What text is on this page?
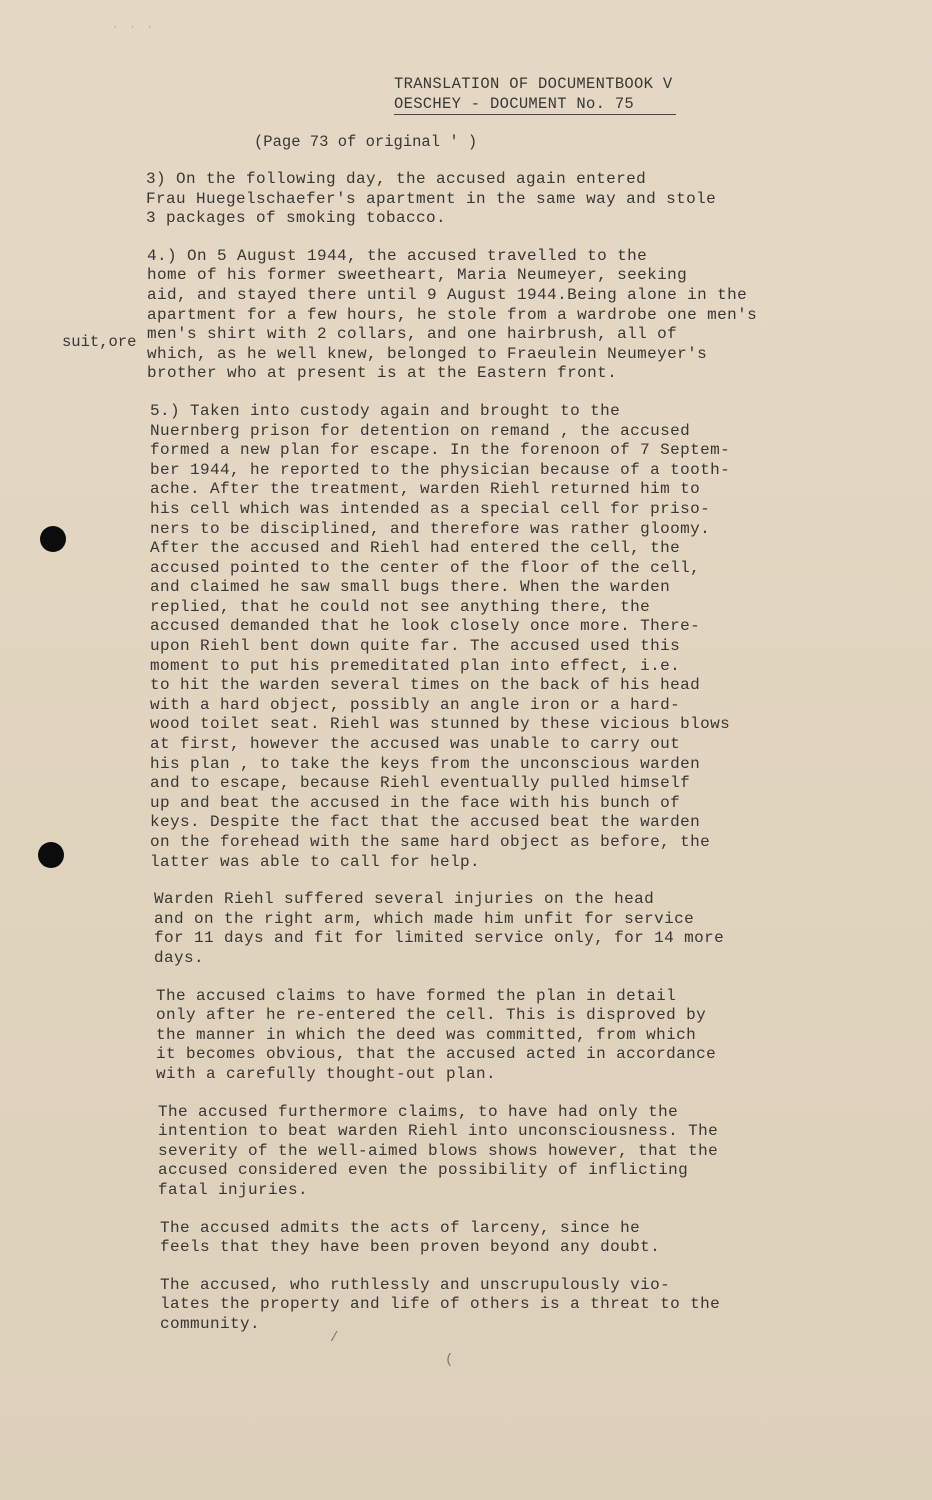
· · ·
TRANSLATION OF DOCUMENTBOOK V
OESCHEY - DOCUMENT No. 75
(Page 73 of original ' )
suit,ore

3) On the following day, the accused again entered
Frau Huegelschaefer's apartment in the same way and stole
3 packages of smoking tobacco.

4.) On 5 August 1944, the accused travelled to the
home of his former sweetheart, Maria Neumeyer, seeking
aid, and stayed there until 9 August 1944.Being alone in the
apartment for a few hours, he stole from a wardrobe one men's
men's shirt with 2 collars, and one hairbrush, all of
which, as he well knew, belonged to Fraeulein Neumeyer's
brother who at present is at the Eastern front.

5.) Taken into custody again and brought to the
Nuernberg prison for detention on remand , the accused
formed a new plan for escape. In the forenoon of 7 Septem-
ber 1944, he reported to the physician because of a tooth-
ache. After the treatment, warden Riehl returned him to
his cell which was intended as a special cell for priso-
ners to be disciplined, and therefore was rather gloomy.
After the accused and Riehl had entered the cell, the
accused pointed to the center of the floor of the cell,
and claimed he saw small bugs there. When the warden
replied, that he could not see anything there, the
accused demanded that he look closely once more. There-
upon Riehl bent down quite far. The accused used this
moment to put his premeditated plan into effect, i.e.
to hit the warden several times on the back of his head
with a hard object, possibly an angle iron or a hard-
wood toilet seat. Riehl was stunned by these vicious blows
at first, however the accused was unable to carry out
his plan , to take the keys from the unconscious warden
and to escape, because Riehl eventually pulled himself
up and beat the accused in the face with his bunch of
keys. Despite the fact that the accused beat the warden
on the forehead with the same hard object as before, the
latter was able to call for help.

Warden Riehl suffered several injuries on the head
and on the right arm, which made him unfit for service
for 11 days and fit for limited service only, for 14 more
days.

The accused claims to have formed the plan in detail
only after he re-entered the cell. This is disproved by
the manner in which the deed was committed, from which
it becomes obvious, that the accused acted in accordance
with a carefully thought-out plan.

The accused furthermore claims, to have had only the
intention to beat warden Riehl into unconsciousness. The
severity of the well-aimed blows shows however, that the
accused considered even the possibility of inflicting
fatal injuries.

The accused admits the acts of larceny, since he
feels that they have been proven beyond any doubt.

The accused, who ruthlessly and unscrupulously vio-
lates the property and life of others is a threat to the
community.

/
(
